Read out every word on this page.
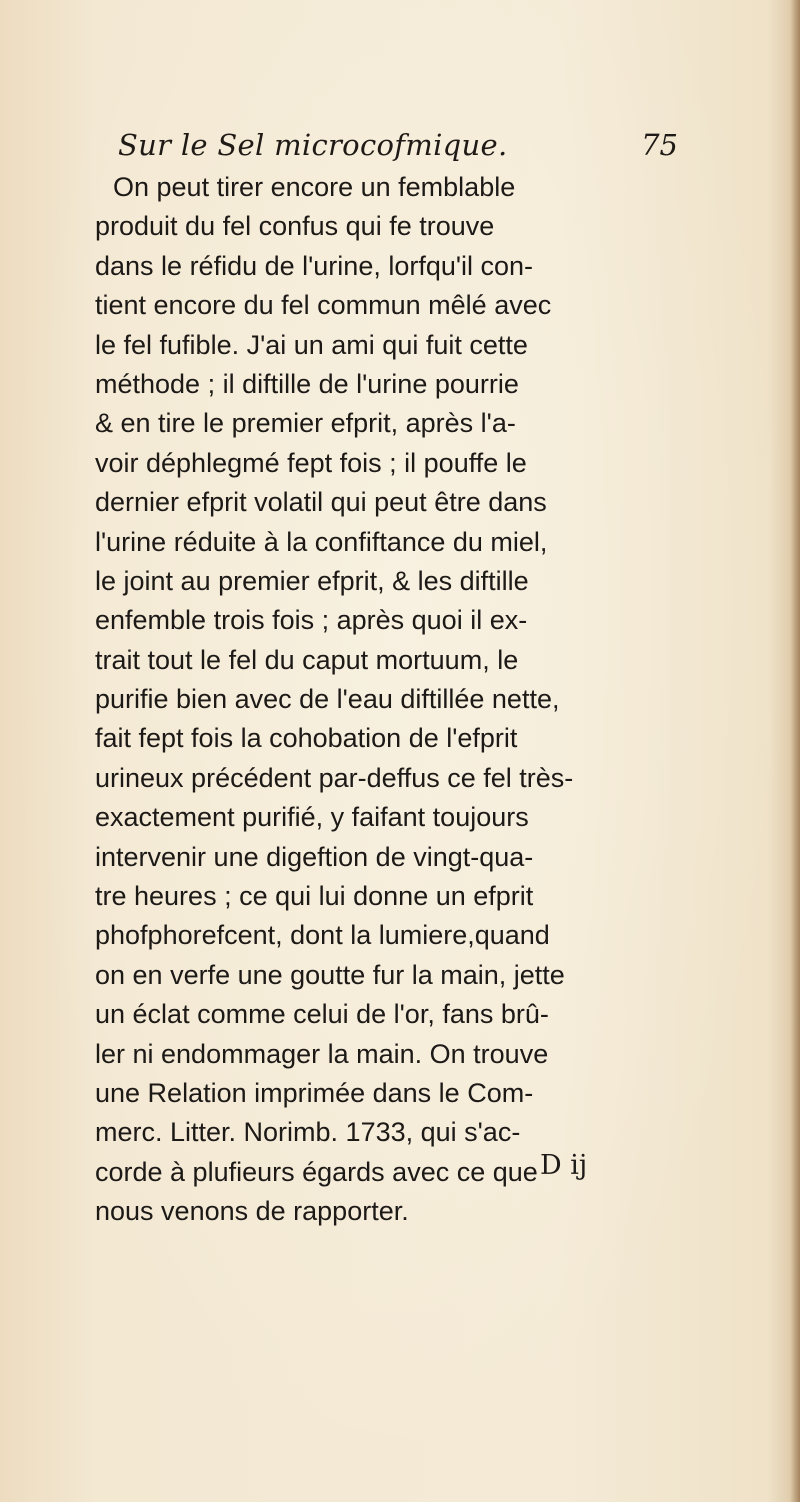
Sur le Sel microcofmique.	75
On peut tirer encore un femblable
produit du fel confus qui fe trouve
dans le réfidu de l'urine, lorfqu'il con-
tient encore du fel commun mêlé avec
le fel fufible. J'ai un ami qui fuit cette
méthode ; il diftille de l'urine pourrie
& en tire le premier efprit, après l'a-
voir déphlegmé fept fois ; il pouffe le
dernier efprit volatil qui peut être dans
l'urine réduite à la confiftance du miel,
le joint au premier efprit, & les diftille
enfemble trois fois ; après quoi il ex-
trait tout le fel du caput mortuum, le
purifie bien avec de l'eau diftillée nette,
fait fept fois la cohobation de l'efprit
urineux précédent par-deffus ce fel très-
exactement purifié, y faifant toujours
intervenir une digeftion de vingt-qua-
tre heures ; ce qui lui donne un efprit
phofphorefcent, dont la lumiere,quand
on en verfe une goutte fur la main, jette
un éclat comme celui de l'or, fans brû-
ler ni endommager la main. On trouve
une Relation imprimée dans le Com-
merc. Litter. Norimb. 1733, qui s'ac-
corde à plufieurs égards avec ce que
nous venons de rapporter.
D ij
